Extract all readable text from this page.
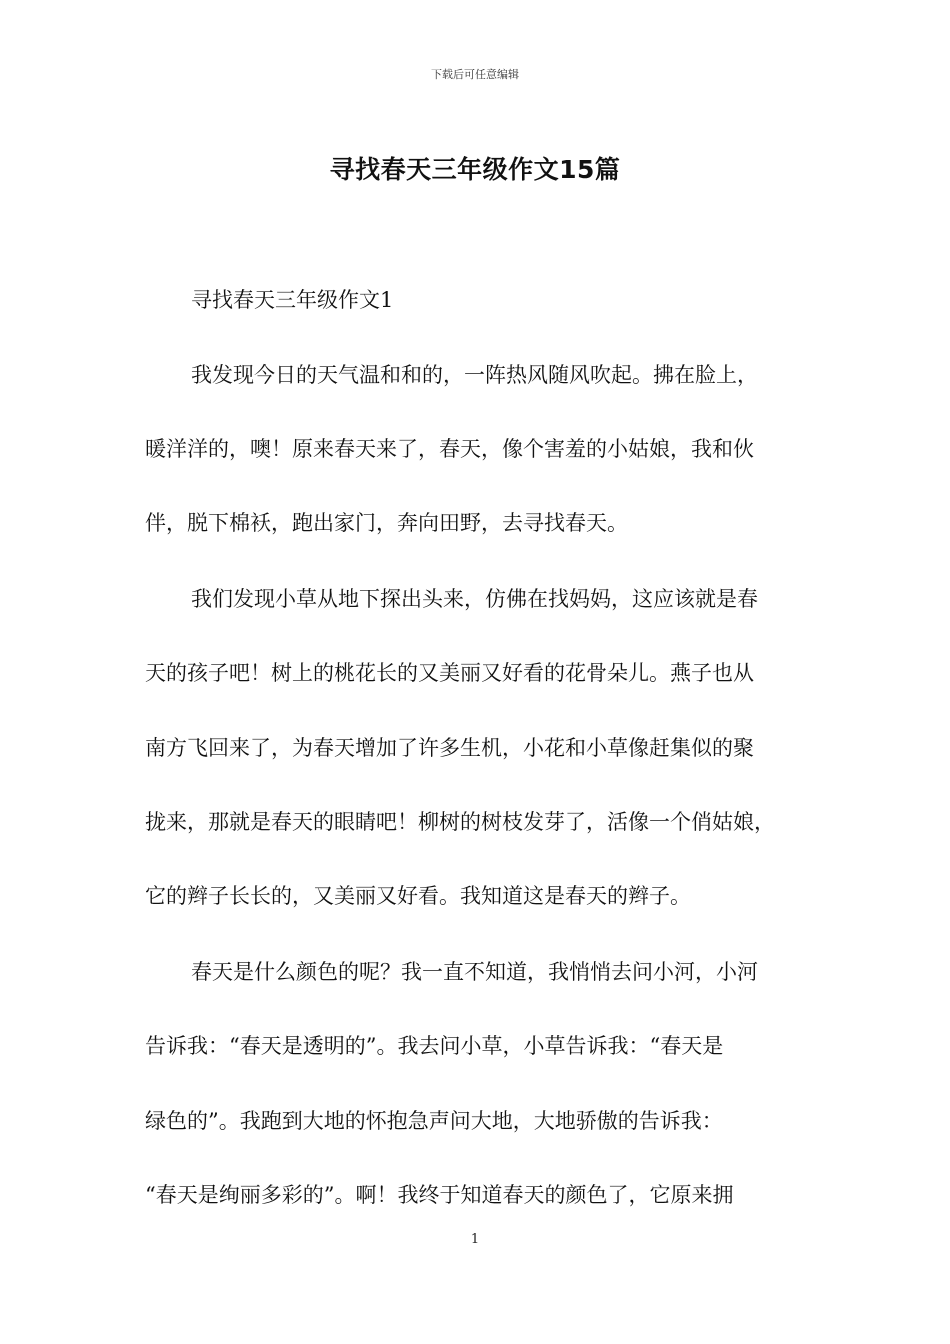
下载后可任意编辑
寻找春天三年级作文15篇
寻找春天三年级作文1
我发现今日的天气温和和的，一阵热风随风吹起。拂在脸上，
暖洋洋的，噢！原来春天来了，春天，像个害羞的小姑娘，我和伙
伴，脱下棉袄，跑出家门，奔向田野，去寻找春天。
我们发现小草从地下探出头来，仿佛在找妈妈，这应该就是春
天的孩子吧！树上的桃花长的又美丽又好看的花骨朵儿。燕子也从
南方飞回来了，为春天增加了许多生机，小花和小草像赶集似的聚
拢来，那就是春天的眼睛吧！柳树的树枝发芽了，活像一个俏姑娘，
它的辫子长长的，又美丽又好看。我知道这是春天的辫子。
春天是什么颜色的呢？我一直不知道，我悄悄去问小河，小河
告诉我：“春天是透明的”。我去问小草，小草告诉我：“春天是
绿色的”。我跑到大地的怀抱急声问大地，大地骄傲的告诉我：
“春天是绚丽多彩的”。啊！我终于知道春天的颜色了，它原来拥
1
